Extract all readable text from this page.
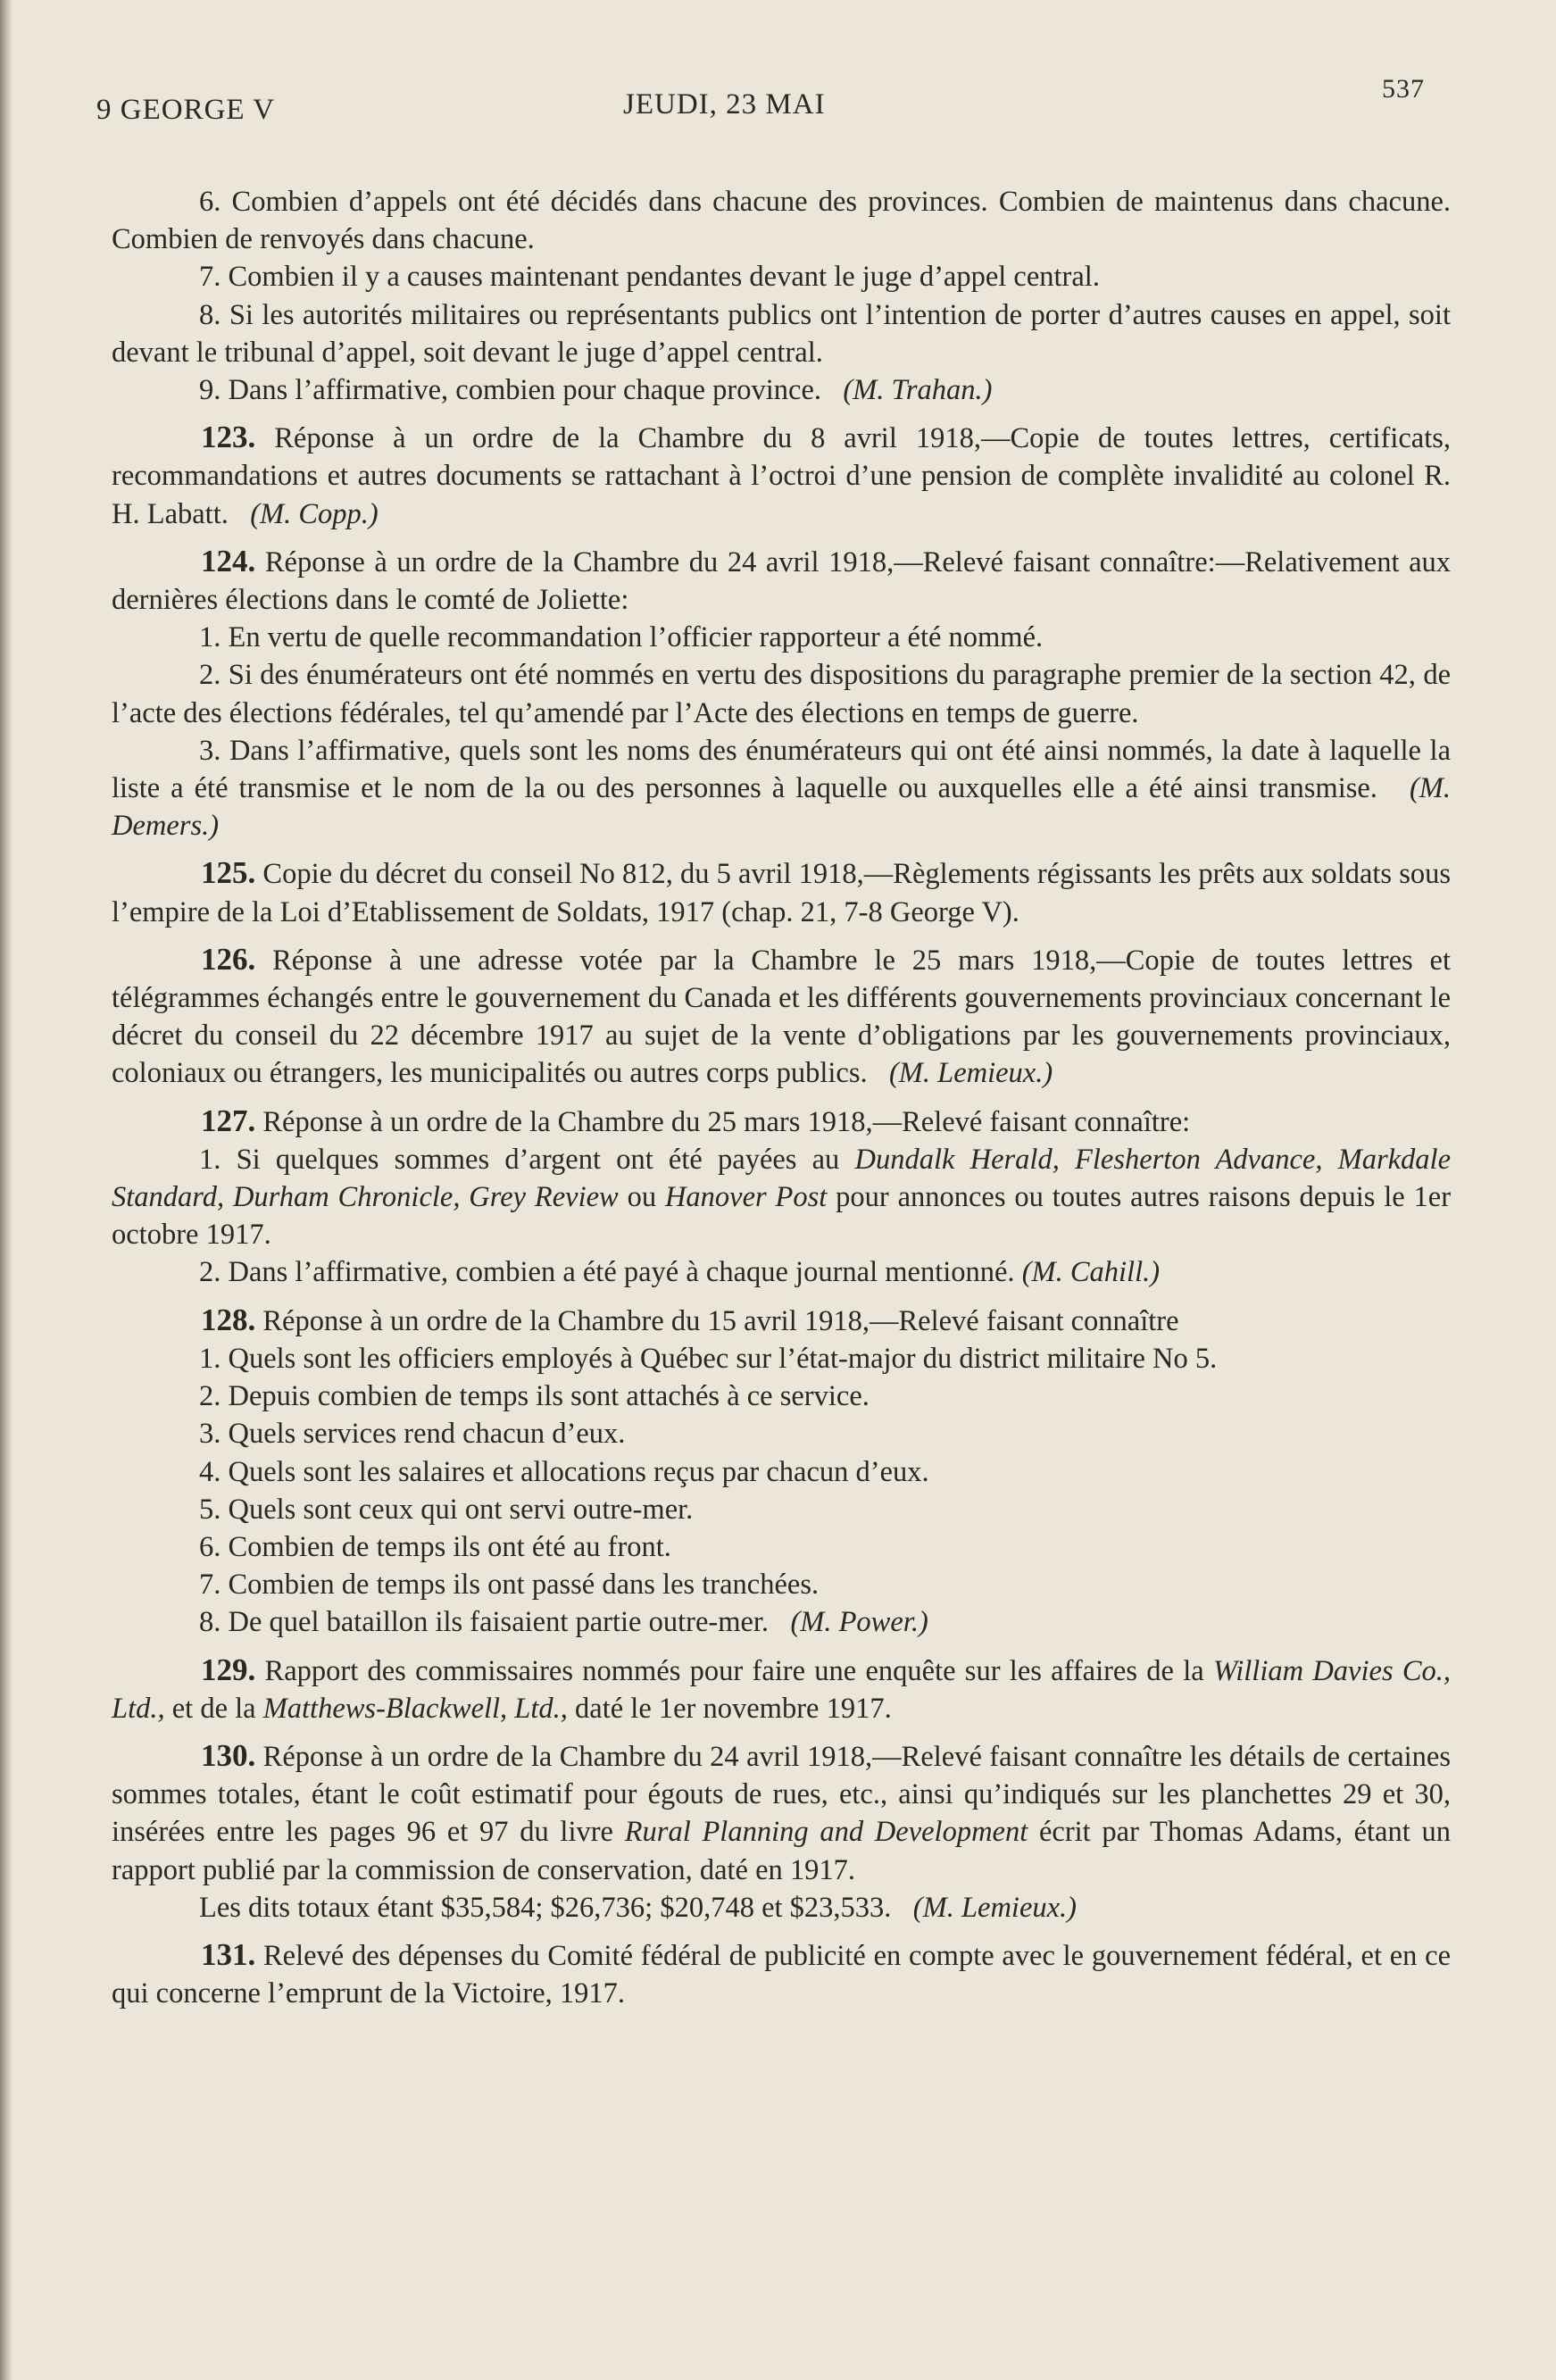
9 GEORGE V	JEUDI, 23 MAI	537

6. Combien d’appels ont été décidés dans chacune des provinces. Combien de maintenus dans chacune. Combien de renvoyés dans chacune.

7. Combien il y a causes maintenant pendantes devant le juge d’appel central.

8. Si les autorités militaires ou représentants publics ont l’intention de porter d’autres causes en appel, soit devant le tribunal d’appel, soit devant le juge d’appel central.

9. Dans l’affirmative, combien pour chaque province. (M. Trahan.)

123. Réponse à un ordre de la Chambre du 8 avril 1918,—Copie de toutes lettres, certificats, recommandations et autres documents se rattachant à l’octroi d’une pension de complète invalidité au colonel R. H. Labatt. (M. Copp.)

124. Réponse à un ordre de la Chambre du 24 avril 1918,—Relevé faisant connaître:—Relativement aux dernières élections dans le comté de Joliette:

1. En vertu de quelle recommandation l’officier rapporteur a été nommé.

2. Si des énumérateurs ont été nommés en vertu des dispositions du paragraphe premier de la section 42, de l’acte des élections fédérales, tel qu’amendé par l’Acte des élections en temps de guerre.

3. Dans l’affirmative, quels sont les noms des énumérateurs qui ont été ainsi nommés, la date à laquelle la liste a été transmise et le nom de la ou des personnes à laquelle ou auxquelles elle a été ainsi transmise. (M. Demers.)

125. Copie du décret du conseil No 812, du 5 avril 1918,—Règlements régissants les prêts aux soldats sous l’empire de la Loi d’Etablissement de Soldats, 1917 (chap. 21, 7-8 George V).

126. Réponse à une adresse votée par la Chambre le 25 mars 1918,—Copie de toutes lettres et télégrammes échangés entre le gouvernement du Canada et les différents gouvernements provinciaux concernant le décret du conseil du 22 décembre 1917 au sujet de la vente d’obligations par les gouvernements provinciaux, coloniaux ou étrangers, les municipalités ou autres corps publics. (M. Lemieux.)

127. Réponse à un ordre de la Chambre du 25 mars 1918,—Relevé faisant connaître:

1. Si quelques sommes d’argent ont été payées au Dundalk Herald, Flesherton Advance, Markdale Standard, Durham Chronicle, Grey Review ou Hanover Post pour annonces ou toutes autres raisons depuis le 1er octobre 1917.

2. Dans l’affirmative, combien a été payé à chaque journal mentionné. (M. Cahill.)

128. Réponse à un ordre de la Chambre du 15 avril 1918,—Relevé faisant connaître

1. Quels sont les officiers employés à Québec sur l’état-major du district militaire No 5.

2. Depuis combien de temps ils sont attachés à ce service.

3. Quels services rend chacun d’eux.

4. Quels sont les salaires et allocations reçus par chacun d’eux.

5. Quels sont ceux qui ont servi outre-mer.

6. Combien de temps ils ont été au front.

7. Combien de temps ils ont passé dans les tranchées.

8. De quel bataillon ils faisaient partie outre-mer. (M. Power.)

129. Rapport des commissaires nommés pour faire une enquête sur les affaires de la William Davies Co., Ltd., et de la Matthews-Blackwell, Ltd., daté le 1er novembre 1917.

130. Réponse à un ordre de la Chambre du 24 avril 1918,—Relevé faisant connaître les détails de certaines sommes totales, étant le coût estimatif pour égouts de rues, etc., ainsi qu’indiqués sur les planchettes 29 et 30, insérées entre les pages 96 et 97 du livre Rural Planning and Development écrit par Thomas Adams, étant un rapport publié par la commission de conservation, daté en 1917.

Les dits totaux étant $35,584; $26,736; $20,748 et $23,533. (M. Lemieux.)

131. Relevé des dépenses du Comité fédéral de publicité en compte avec le gouvernement fédéral, et en ce qui concerne l’emprunt de la Victoire, 1917.
